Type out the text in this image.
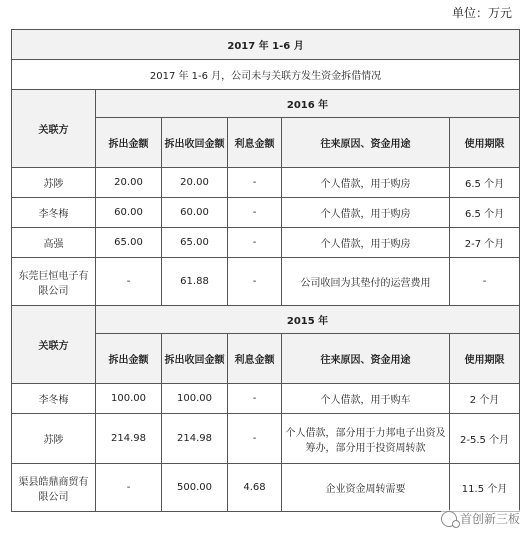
单位：万元
2017 年 1-6 月					
2017 年 1-6 月，公司未与关联方发生资金拆借情况					
关联方	2016 年				
	拆出金额	拆出收回金额	利息金额	往来原因、资金用途	使用期限
苏陟	20.00	20.00	-	个人借款，用于购房	6.5 个月
李冬梅	60.00	60.00	-	个人借款，用于购房	6.5 个月
高强	65.00	65.00	-	个人借款，用于购房	2-7 个月
东莞巨恒电子有限公司	-	61.88	-	公司收回为其垫付的运营费用	-
关联方	2015 年				
	拆出金额	拆出收回金额	利息金额	往来原因、资金用途	使用期限
李冬梅	100.00	100.00	-	个人借款，用于购车	2 个月
苏陟	214.98	214.98	-	个人借款，部分用于力邦电子出资及筹办，部分用于投资周转款	2-5.5 个月
渠县皓鼎商贸有限公司	-	500.00	4.68	企业资金周转需要	11.5 个月
首创新三板
